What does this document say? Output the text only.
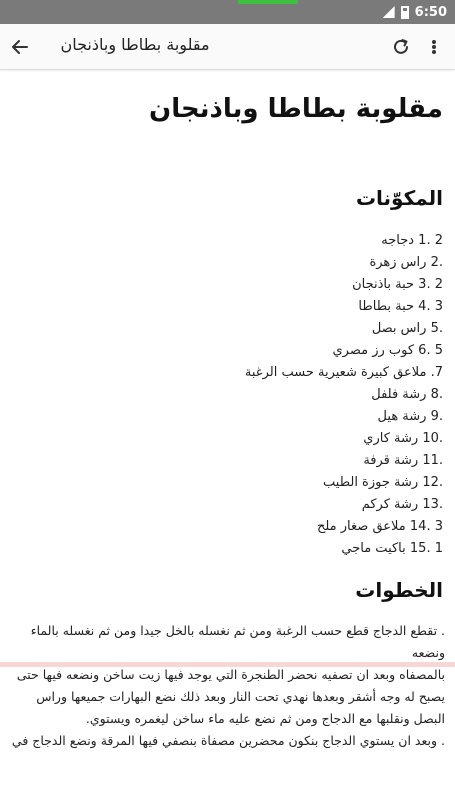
6:50
مقلوبة بطاطا وباذنجان
مقلوبة بطاطا وباذنجان
المكوّنات
2 .1 دجاجه
.2 راس زهرة
2 .3 حبة باذنجان
3 .4 حبة بطاطا
.5 راس بصل
5 .6 كوب رز مصري
7. ملاعق كبيرة شعيرية حسب الرغبة
.8 رشة فلفل
.9 رشة هيل
.10 رشة كاري
.11 رشة قرفة
.12 رشة جوزة الطيب
.13 رشة كركم
3 .14 ملاعق صغار ملح
1 .15 باكيت ماجي
الخطوات

. تقطع الدجاج قطع حسب الرغبة ومن ثم نغسله بالخل جيدا ومن ثم نغسله بالماء ونضعه

بالمصفاه وبعد ان تصفيه نحضر الطنجرة التي يوجد فيها زيت ساخن ونضعه فيها حتى

يصبح له وجه أشقر وبعدها نهدي تحت النار وبعد ذلك نضع البهارات جميعها وراس

البصل ونقلبها مع الدجاج ومن ثم نضع عليه ماء ساخن ليغمره ويستوي.

. وبعد ان يستوي الدجاج بنكون محضرين مصفاة بنصفي فيها المرقة ونضع الدجاج في
